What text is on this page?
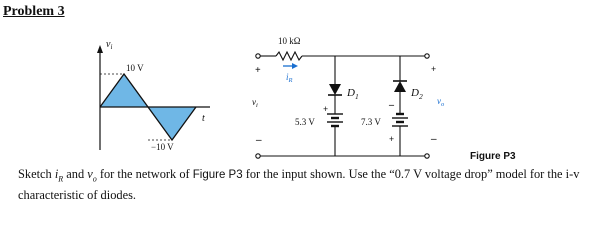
Problem 3
$v_i$
10 V
−10 V
t
10 kΩ
$i_R$
+
$v_i$
–
$D_1$	$D_2$
+
5.3 V
–
7.3 V
+
+
$v_o$
–
Figure P3
Sketch $i_R$ and $v_o$ for the network of Figure P3 for the input shown. Use the “0.7 V voltage drop” model for the i-v characteristic of diodes.
